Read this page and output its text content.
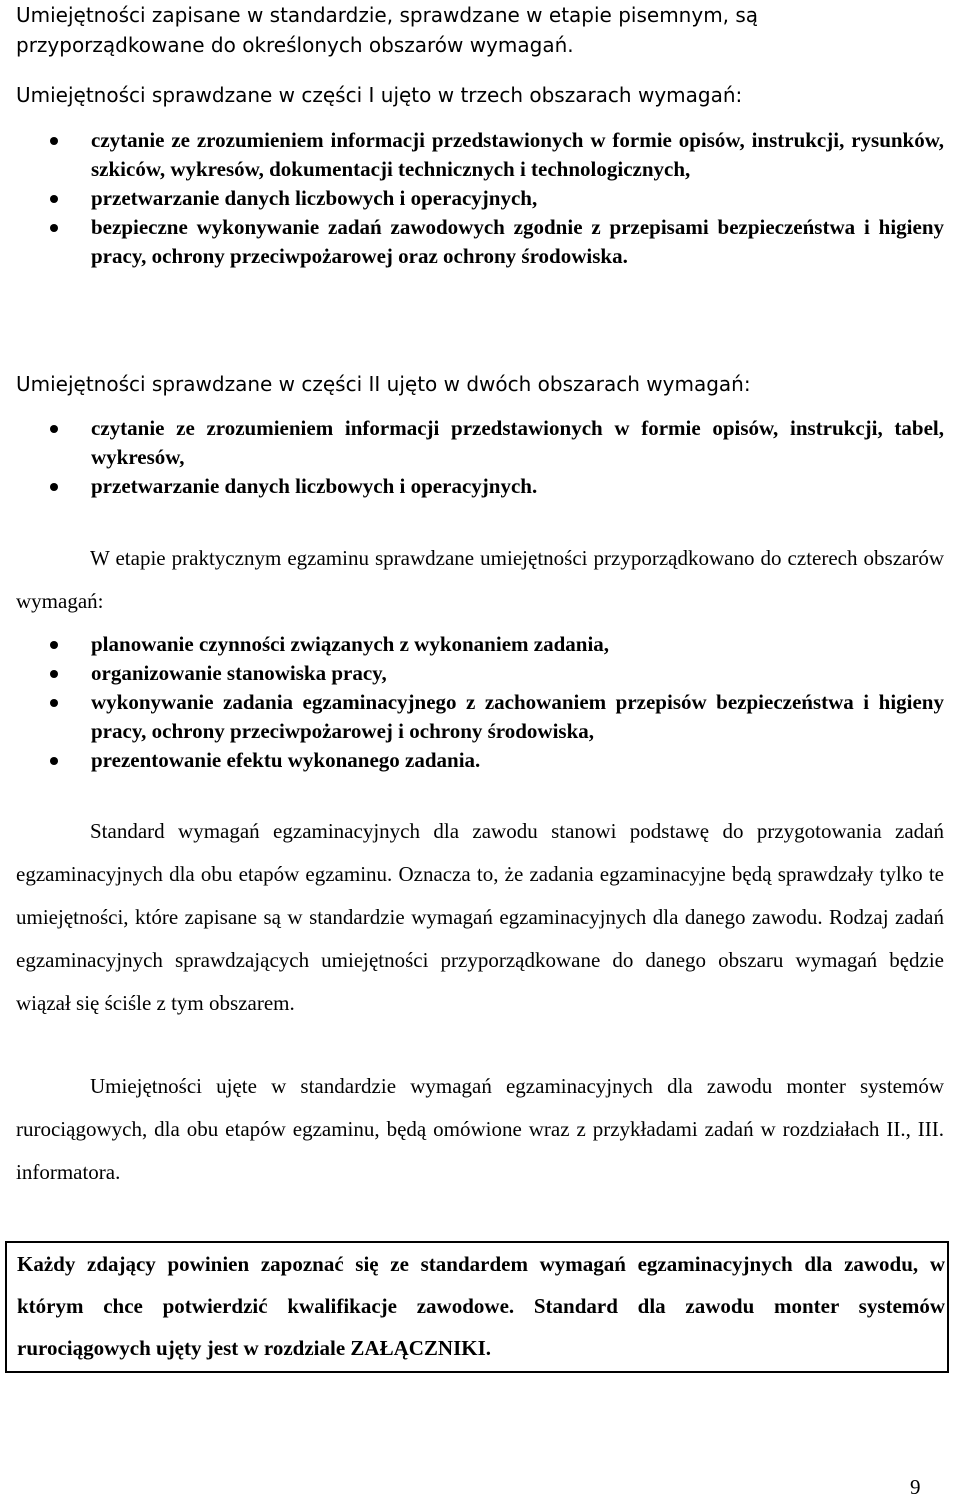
Umiejętności zapisane w standardzie, sprawdzane w etapie pisemnym, są przyporządkowane do określonych obszarów wymagań.

Umiejętności sprawdzane w części I ujęto w trzech obszarach wymagań:

czytanie ze zrozumieniem informacji przedstawionych w formie opisów, instrukcji, rysunków, szkiców, wykresów, dokumentacji technicznych i technologicznych,
przetwarzanie danych liczbowych i operacyjnych,
bezpieczne wykonywanie zadań zawodowych zgodnie z przepisami bezpieczeństwa i higieny pracy, ochrony przeciwpożarowej oraz ochrony środowiska.

Umiejętności sprawdzane w części II ujęto w dwóch obszarach wymagań:

czytanie ze zrozumieniem informacji przedstawionych w formie opisów, instrukcji, tabel, wykresów,
przetwarzanie danych liczbowych i operacyjnych.

W etapie praktycznym egzaminu sprawdzane umiejętności przyporządkowano do czterech obszarów wymagań:

planowanie czynności związanych z wykonaniem zadania,
organizowanie stanowiska pracy,
wykonywanie zadania egzaminacyjnego z zachowaniem przepisów bezpieczeństwa i higieny pracy, ochrony przeciwpożarowej i ochrony środowiska,
prezentowanie efektu wykonanego zadania.

Standard wymagań egzaminacyjnych dla zawodu stanowi podstawę do przygotowania zadań egzaminacyjnych dla obu etapów egzaminu. Oznacza to, że zadania egzaminacyjne będą sprawdzały tylko te umiejętności, które zapisane są w standardzie wymagań egzaminacyjnych dla danego zawodu. Rodzaj zadań egzaminacyjnych sprawdzających umiejętności przyporządkowane do danego obszaru wymagań będzie wiązał się ściśle z tym obszarem.

Umiejętności ujęte w standardzie wymagań egzaminacyjnych dla zawodu monter systemów rurociągowych, dla obu etapów egzaminu, będą omówione wraz z przykładami zadań w rozdziałach II., III. informatora.

Każdy zdający powinien zapoznać się ze standardem wymagań egzaminacyjnych dla zawodu, w którym chce potwierdzić kwalifikacje zawodowe. Standard dla zawodu monter systemów rurociągowych ujęty jest w rozdziale ZAŁĄCZNIKI.

9
